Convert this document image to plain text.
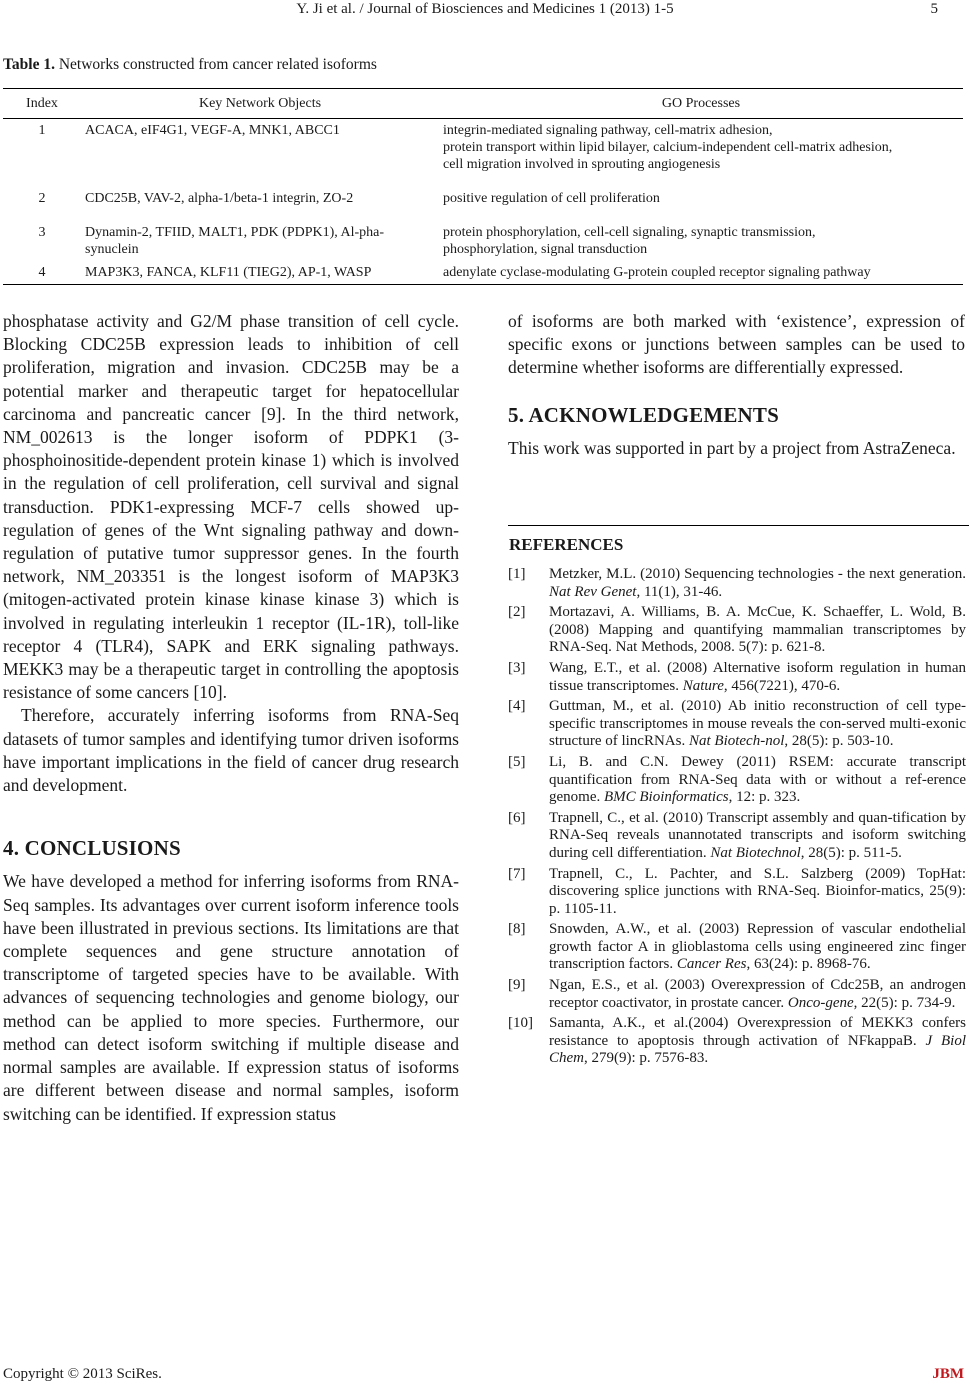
Y. Ji et al. / Journal of Biosciences and Medicines 1 (2013) 1-5	5
Table 1. Networks constructed from cancer related isoforms
Index	Key Network Objects	GO Processes
1	ACACA, eIF4G1, VEGF-A, MNK1, ABCC1	integrin-mediated signaling pathway, cell-matrix adhesion,
protein transport within lipid bilayer, calcium-independent cell-matrix adhesion,
cell migration involved in sprouting angiogenesis

2	CDC25B, VAV-2, alpha-1/beta-1 integrin, ZO-2	positive regulation of cell proliferation

3	Dynamin-2, TFIID, MALT1, PDK (PDPK1), Al-pha-synuclein	protein phosphorylation, cell-cell signaling, synaptic transmission,
phosphorylation, signal transduction

4	MAP3K3, FANCA, KLF11 (TIEG2), AP-1, WASP	adenylate cyclase-modulating G-protein coupled receptor signaling pathway

phosphatase activity and G2/M phase transition of cell cycle. Blocking CDC25B expression leads to inhibition of cell proliferation, migration and invasion. CDC25B may be a potential marker and therapeutic target for hepatocellular carcinoma and pancreatic cancer [9]. In the third network, NM_002613 is the longer isoform of PDPK1 (3-phosphoinositide-dependent protein kinase 1) which is involved in the regulation of cell proliferation, cell survival and signal transduction. PDK1-expressing MCF-7 cells showed up-regulation of genes of the Wnt signaling pathway and down-regulation of putative tumor suppressor genes. In the fourth network, NM_203351 is the longest isoform of MAP3K3 (mitogen-activated protein kinase kinase kinase 3) which is involved in regulating interleukin 1 receptor (IL-1R), toll-like receptor 4 (TLR4), SAPK and ERK signaling pathways. MEKK3 may be a therapeutic target in controlling the apoptosis resistance of some cancers [10].

Therefore, accurately inferring isoforms from RNA-Seq datasets of tumor samples and identifying tumor driven isoforms have important implications in the field of cancer drug research and development.

4. CONCLUSIONS

We have developed a method for inferring isoforms from RNA-Seq samples. Its advantages over current isoform inference tools have been illustrated in previous sections. Its limitations are that complete sequences and gene structure annotation of transcriptome of targeted species have to be available. With advances of sequencing technologies and genome biology, our method can be applied to more species. Furthermore, our method can detect isoform switching if multiple disease and normal samples are available. If expression status of isoforms are different between disease and normal samples, isoform switching can be identified. If expression status

of isoforms are both marked with ‘existence’, expression of specific exons or junctions between samples can be used to determine whether isoforms are differentially expressed.

5. ACKNOWLEDGEMENTS

This work was supported in part by a project from AstraZeneca.

REFERENCES
[1]	Metzker, M.L. (2010) Sequencing technologies - the next generation. Nat Rev Genet, 11(1), 31-46.
[2]	Mortazavi, A. Williams, B. A. McCue, K. Schaeffer, L. Wold, B. (2008) Mapping and quantifying mammalian transcriptomes by RNA-Seq. Nat Methods, 2008. 5(7): p. 621-8.
[3]	Wang, E.T., et al. (2008) Alternative isoform regulation in human tissue transcriptomes. Nature, 456(7221), 470-6.
[4]	Guttman, M., et al. (2010) Ab initio reconstruction of cell type-specific transcriptomes in mouse reveals the con-served multi-exonic structure of lincRNAs. Nat Biotech-nol, 28(5): p. 503-10.
[5]	Li, B. and C.N. Dewey (2011) RSEM: accurate transcript quantification from RNA-Seq data with or without a ref-erence genome. BMC Bioinformatics, 12: p. 323.
[6]	Trapnell, C., et al. (2010) Transcript assembly and quan-tification by RNA-Seq reveals unannotated transcripts and isoform switching during cell differentiation. Nat Biotechnol, 28(5): p. 511-5.
[7]	Trapnell, C., L. Pachter, and S.L. Salzberg (2009) TopHat: discovering splice junctions with RNA-Seq. Bioinfor-matics, 25(9): p. 1105-11.
[8]	Snowden, A.W., et al. (2003) Repression of vascular endothelial growth factor A in glioblastoma cells using engineered zinc finger transcription factors. Cancer Res, 63(24): p. 8968-76.
[9]	Ngan, E.S., et al. (2003) Overexpression of Cdc25B, an androgen receptor coactivator, in prostate cancer. Onco-gene, 22(5): p. 734-9.
[10]	Samanta, A.K., et al.(2004) Overexpression of MEKK3 confers resistance to apoptosis through activation of NFkappaB. J Biol Chem, 279(9): p. 7576-83.
Copyright © 2013 SciRes.	JBM
